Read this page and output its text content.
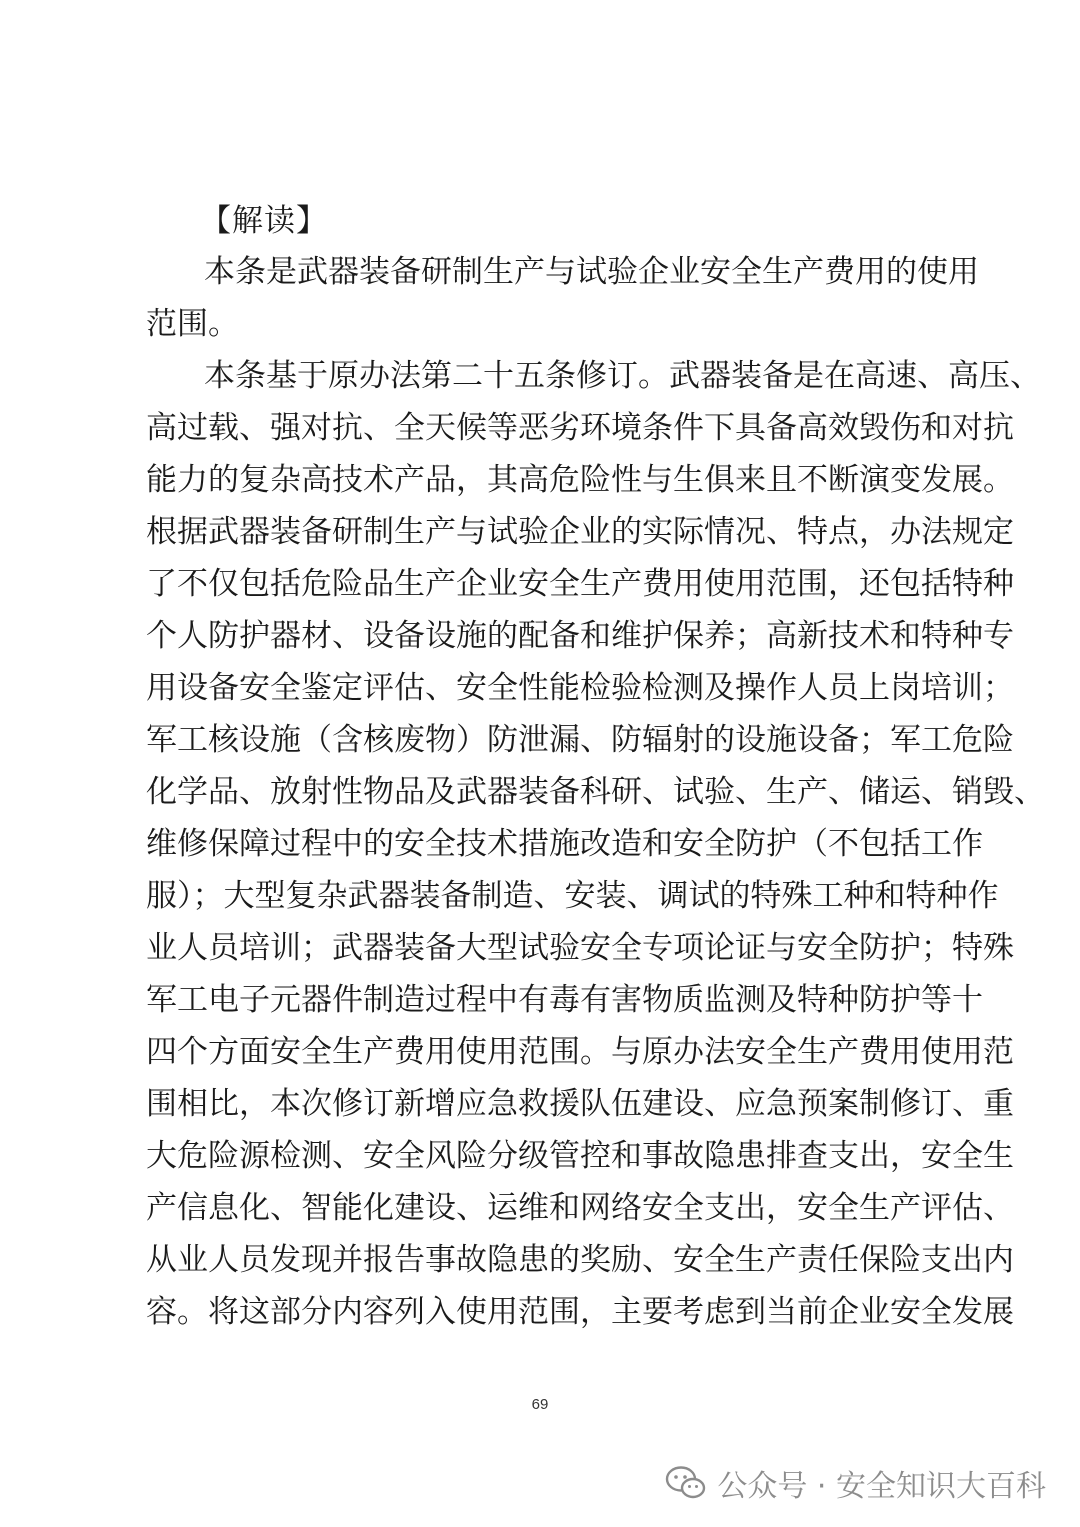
【解读】
本条是武器装备研制生产与试验企业安全生产费用的使用
范围。
本条基于原办法第二十五条修订。武器装备是在高速、高压、
高过载、强对抗、全天候等恶劣环境条件下具备高效毁伤和对抗
能力的复杂高技术产品，其高危险性与生俱来且不断演变发展。
根据武器装备研制生产与试验企业的实际情况、特点，办法规定
了不仅包括危险品生产企业安全生产费用使用范围，还包括特种
个人防护器材、设备设施的配备和维护保养；高新技术和特种专
用设备安全鉴定评估、安全性能检验检测及操作人员上岗培训；
军工核设施（含核废物）防泄漏、防辐射的设施设备；军工危险
化学品、放射性物品及武器装备科研、试验、生产、储运、销毁、
维修保障过程中的安全技术措施改造和安全防护（不包括工作
服）；大型复杂武器装备制造、安装、调试的特殊工种和特种作
业人员培训；武器装备大型试验安全专项论证与安全防护；特殊
军工电子元器件制造过程中有毒有害物质监测及特种防护等十
四个方面安全生产费用使用范围。与原办法安全生产费用使用范
围相比，本次修订新增应急救援队伍建设、应急预案制修订、重
大危险源检测、安全风险分级管控和事故隐患排查支出，安全生
产信息化、智能化建设、运维和网络安全支出，安全生产评估、
从业人员发现并报告事故隐患的奖励、安全生产责任保险支出内
容。将这部分内容列入使用范围，主要考虑到当前企业安全发展
69
公众号 · 安全知识大百科
